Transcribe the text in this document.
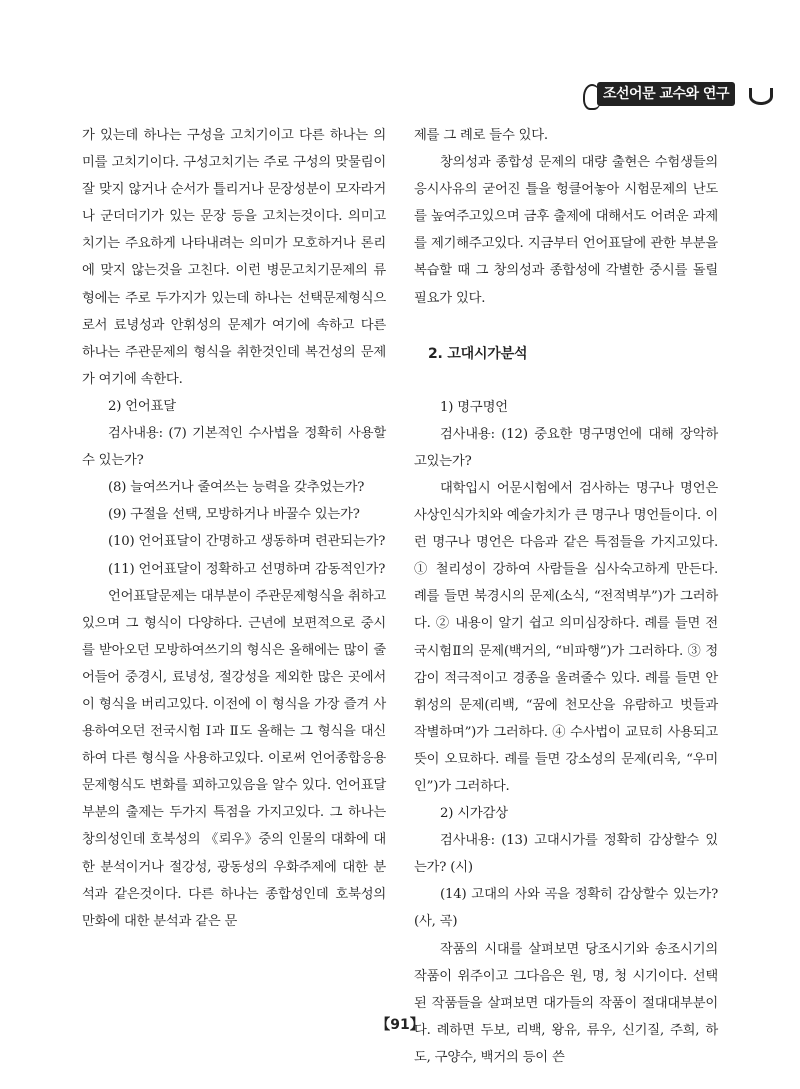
조선어문 교수와 연구

가 있는데 하나는 구성을 고치기이고 다른 하나는 의미를 고치기이다. 구성고치기는 주로 구성의 맞물림이 잘 맞지 않거나 순서가 틀리거나 문장성분이 모자라거나 군더더기가 있는 문장 등을 고치는것이다. 의미고치기는 주요하게 나타내려는 의미가 모호하거나 론리에 맞지 않는것을 고친다. 이런 병문고치기문제의 류형에는 주로 두가지가 있는데 하나는 선택문제형식으로서 료녕성과 안휘성의 문제가 여기에 속하고 다른 하나는 주관문제의 형식을 취한것인데 복건성의 문제가 여기에 속한다.

2) 언어표달

검사내용: (7) 기본적인 수사법을 정확히 사용할수 있는가?

(8) 늘여쓰거나 줄여쓰는 능력을 갖추었는가?

(9) 구절을 선택, 모방하거나 바꿀수 있는가?

(10) 언어표달이 간명하고 생동하며 련관되는가?

(11) 언어표달이 정확하고 선명하며 감동적인가?

언어표달문제는 대부분이 주관문제형식을 취하고있으며 그 형식이 다양하다. 근년에 보편적으로 중시를 받아오던 모방하여쓰기의 형식은 올해에는 많이 줄어들어 중경시, 료녕성, 절강성을 제외한 많은 곳에서 이 형식을 버리고있다. 이전에 이 형식을 가장 즐겨 사용하여오던 전국시험 Ⅰ과 Ⅱ도 올해는 그 형식을 대신하여 다른 형식을 사용하고있다. 이로써 언어종합응용문제형식도 변화를 꾀하고있음을 알수 있다. 언어표달부분의 출제는 두가지 특점을 가지고있다. 그 하나는 창의성인데 호북성의 《뢰우》중의 인물의 대화에 대한 분석이거나 절강성, 광동성의 우화주제에 대한 분석과 같은것이다. 다른 하나는 종합성인데 호북성의 만화에 대한 분석과 같은 문

제를 그 례로 들수 있다.

창의성과 종합성 문제의 대량 출현은 수험생들의 응시사유의 굳어진 틀을 헝클어놓아 시험문제의 난도를 높여주고있으며 금후 출제에 대해서도 어려운 과제를 제기해주고있다. 지금부터 언어표달에 관한 부분을 복습할 때 그 창의성과 종합성에 각별한 중시를 돌릴 필요가 있다.

2. 고대시가분석

1) 명구명언

검사내용: (12) 중요한 명구명언에 대해 장악하고있는가?

대학입시 어문시험에서 검사하는 명구나 명언은 사상인식가치와 예술가치가 큰 명구나 명언들이다. 이런 명구나 명언은 다음과 같은 특점들을 가지고있다. ① 철리성이 강하여 사람들을 심사숙고하게 만든다. 례를 들면 북경시의 문제(소식, “전적벽부”)가 그러하다. ② 내용이 알기 쉽고 의미심장하다. 례를 들면 전국시험Ⅱ의 문제(백거의, “비파행”)가 그러하다. ③ 정감이 적극적이고 경종을 울려줄수 있다. 례를 들면 안휘성의 문제(리백, “꿈에 천모산을 유람하고 벗들과 작별하며”)가 그러하다. ④ 수사법이 교묘히 사용되고 뜻이 오묘하다. 례를 들면 강소성의 문제(리욱, “우미인”)가 그러하다.

2) 시가감상

검사내용: (13) 고대시가를 정확히 감상할수 있는가? (시)

(14) 고대의 사와 곡을 정확히 감상할수 있는가? (사, 곡)

작품의 시대를 살펴보면 당조시기와 송조시기의 작품이 위주이고 그다음은 원, 명, 청 시기이다. 선택된 작품들을 살펴보면 대가들의 작품이 절대대부분이다. 례하면 두보, 리백, 왕유, 류우, 신기질, 주희, 하도, 구양수, 백거의 등이 쓴

【91】
